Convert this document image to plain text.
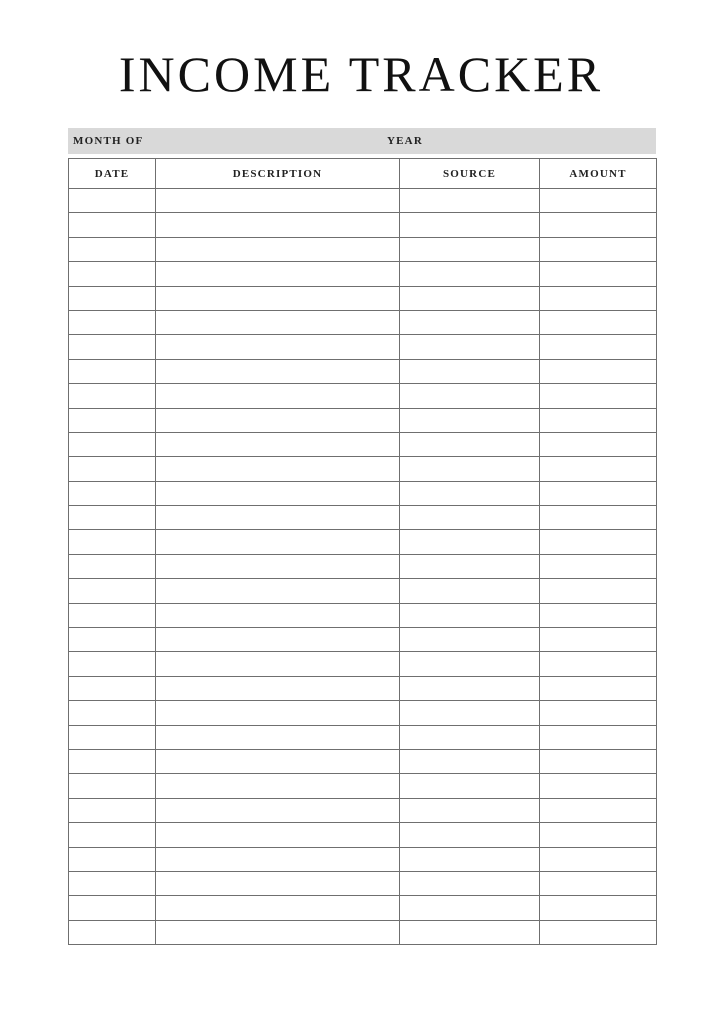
INCOME TRACKER
MONTH OF	YEAR
DATE	DESCRIPTION	SOURCE	AMOUNT
